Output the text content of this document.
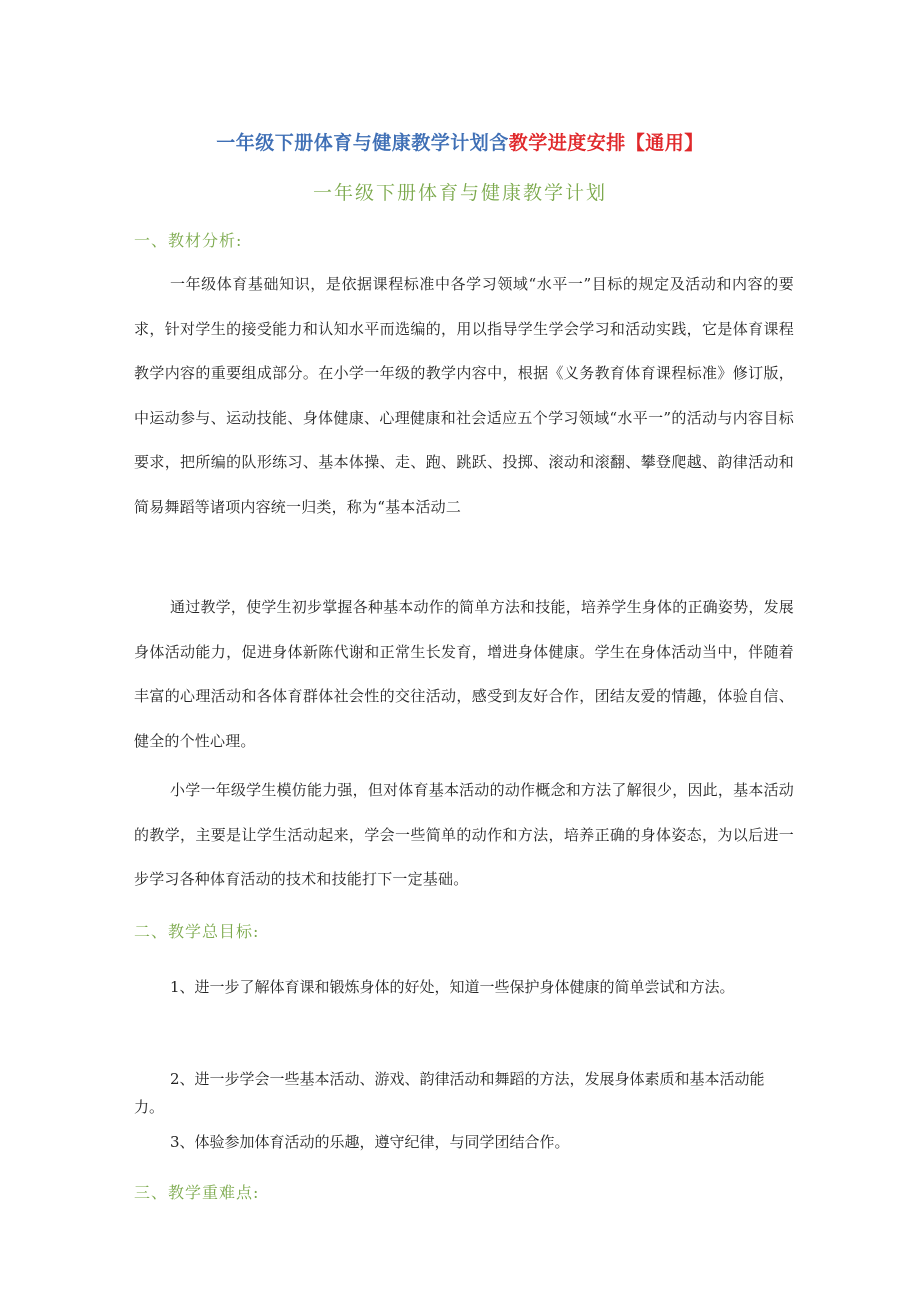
一年级下册体育与健康教学计划含教学进度安排【通用】
一年级下册体育与健康教学计划
一、教材分析:
一年级体育基础知识，是依据课程标准中各学习领域“水平一”目标的规定及活动和内容的要求，针对学生的接受能力和认知水平而选编的，用以指导学生学会学习和活动实践，它是体育课程教学内容的重要组成部分。在小学一年级的教学内容中，根据《义务教育体育课程标准》修订版，中运动参与、运动技能、身体健康、心理健康和社会适应五个学习领域“水平一”的活动与内容目标要求，把所编的队形练习、基本体操、走、跑、跳跃、投掷、滚动和滚翻、攀登爬越、韵律活动和简易舞蹈等诸项内容统一归类，称为“基本活动二
通过教学，使学生初步掌握各种基本动作的简单方法和技能，培养学生身体的正确姿势，发展身体活动能力，促进身体新陈代谢和正常生长发育，增进身体健康。学生在身体活动当中，伴随着丰富的心理活动和各体育群体社会性的交往活动，感受到友好合作，团结友爱的情趣，体验自信、健全的个性心理。
小学一年级学生模仿能力强，但对体育基本活动的动作概念和方法了解很少，因此，基本活动的教学，主要是让学生活动起来，学会一些简单的动作和方法，培养正确的身体姿态，为以后进一步学习各种体育活动的技术和技能打下一定基础。
二、教学总目标:
1、进一步了解体育课和锻炼身体的好处，知道一些保护身体健康的简单尝试和方法。
2、进一步学会一些基本活动、游戏、韵律活动和舞蹈的方法，发展身体素质和基本活动能力。
3、体验参加体育活动的乐趣，遵守纪律，与同学团结合作。
三、教学重难点:
